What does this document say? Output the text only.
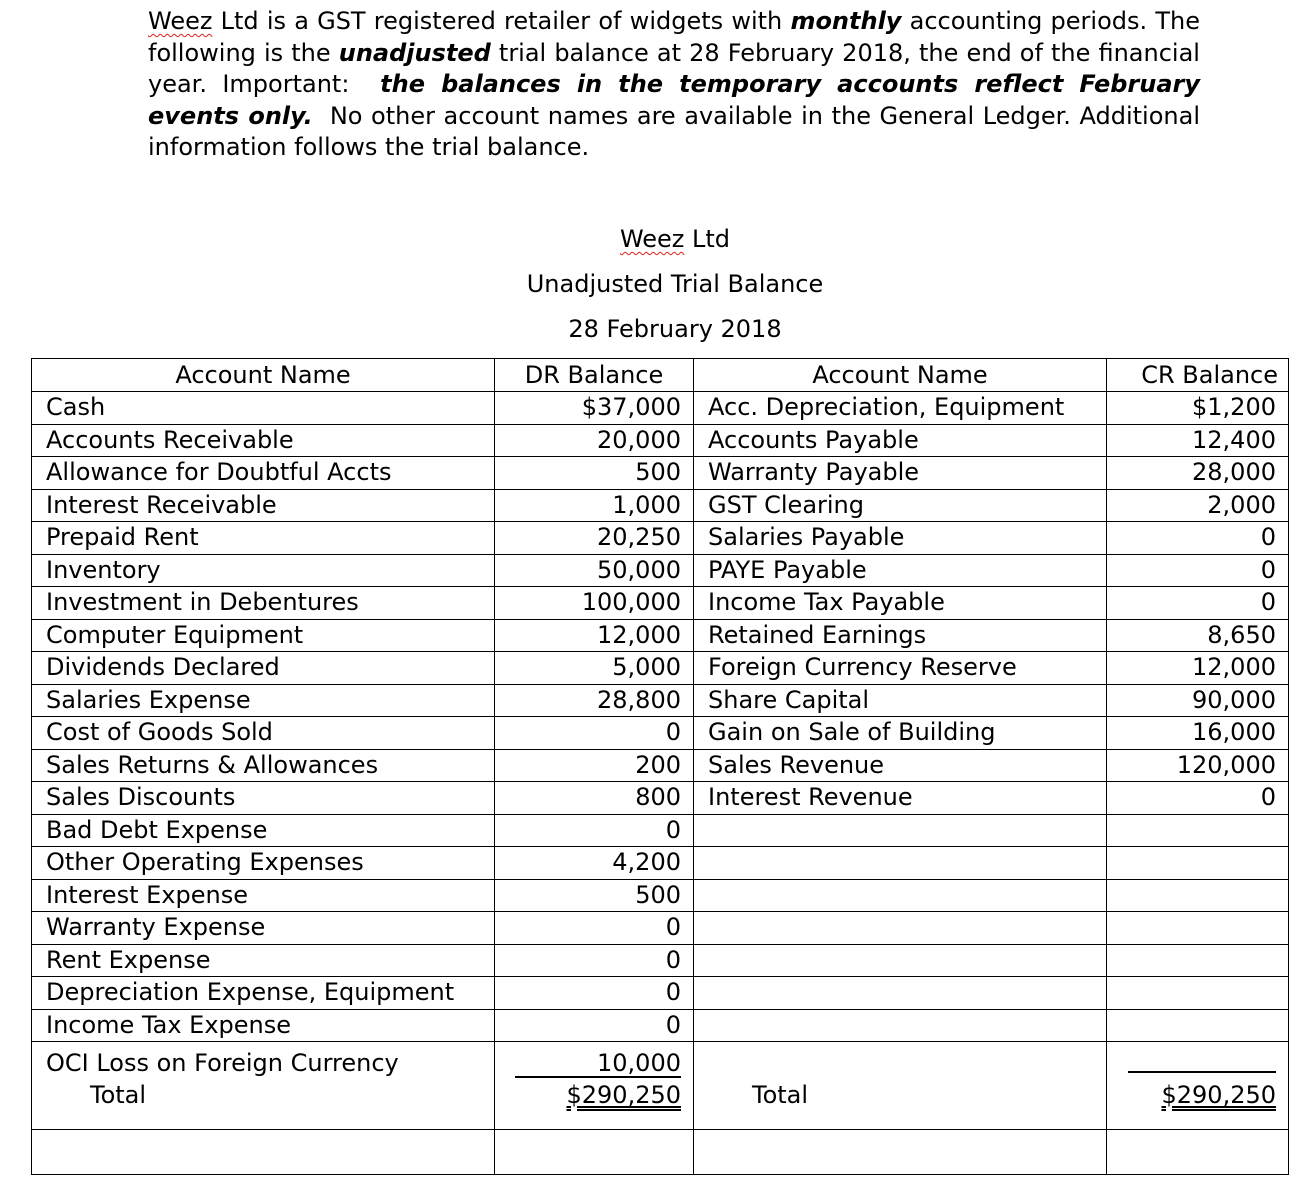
Weez Ltd is a GST registered retailer of widgets with monthly accounting periods. The following is the unadjusted trial balance at 28 February 2018, the end of the financial year. Important: the balances in the temporary accounts reflect February events only. No other account names are available in the General Ledger. Additional information follows the trial balance.
Weez Ltd
Unadjusted Trial Balance
28 February 2018
Account Name	DR Balance	Account Name	CR Balance
Cash	$37,000	Acc. Depreciation, Equipment	$1,200
Accounts Receivable	20,000	Accounts Payable	12,400
Allowance for Doubtful Accts	500	Warranty Payable	28,000
Interest Receivable	1,000	GST Clearing	2,000
Prepaid Rent	20,250	Salaries Payable	0
Inventory	50,000	PAYE Payable	0
Investment in Debentures	100,000	Income Tax Payable	0
Computer Equipment	12,000	Retained Earnings	8,650
Dividends Declared	5,000	Foreign Currency Reserve	12,000
Salaries Expense	28,800	Share Capital	90,000
Cost of Goods Sold	0	Gain on Sale of Building	16,000
Sales Returns & Allowances	200	Sales Revenue	120,000
Sales Discounts	800	Interest Revenue	0
Bad Debt Expense	0		
Other Operating Expenses	4,200		
Interest Expense	500		
Warranty Expense	0		
Rent Expense	0		
Depreciation Expense, Equipment	0		
Income Tax Expense	0		
OCI Loss on Foreign Currency	10,000		
Total	$290,250	Total	$290,250
